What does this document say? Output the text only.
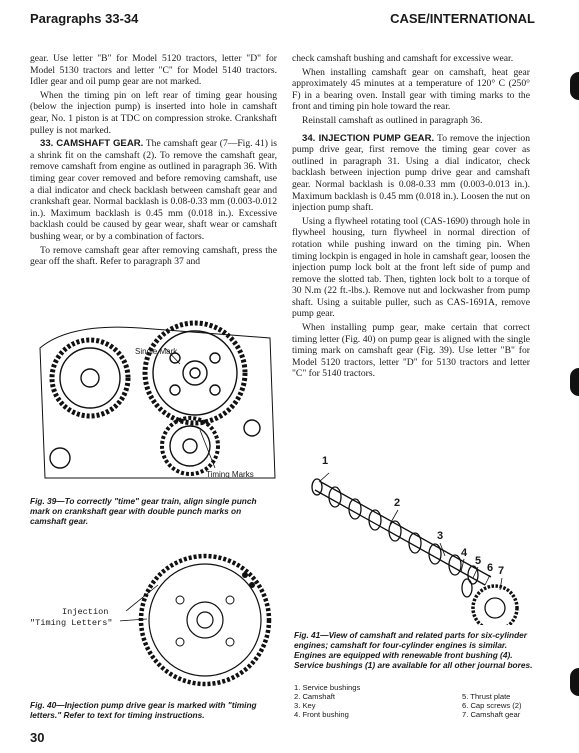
Paragraphs 33-34	CASE/INTERNATIONAL

gear. Use letter "B" for Model 5120 tractors, letter "D" for Model 5130 tractors and letter "C" for Model 5140 tractors. Idler gear and oil pump gear are not marked.

When the timing pin on left rear of timing gear housing (below the injection pump) is inserted into hole in camshaft gear, No. 1 piston is at TDC on compression stroke. Crankshaft pulley is not marked.

33. CAMSHAFT GEAR. The camshaft gear (7—Fig. 41) is a shrink fit on the camshaft (2). To remove the camshaft gear, remove camshaft from engine as outlined in paragraph 36. With timing gear cover removed and before removing camshaft, use a dial indicator and check backlash between camshaft gear and crankshaft gear. Normal backlash is 0.08-0.33 mm (0.003-0.012 in.). Maximum backlash is 0.45 mm (0.018 in.). Excessive backlash could be caused by gear wear, shaft wear or camshaft bushing wear, or by a combination of factors.

To remove camshaft gear after removing camshaft, press the gear off the shaft. Refer to paragraph 37 and

check camshaft bushing and camshaft for excessive wear.

When installing camshaft gear on camshaft, heat gear approximately 45 minutes at a temperature of 120° C (250° F) in a bearing oven. Install gear with timing marks to the front and timing pin hole toward the rear.

Reinstall camshaft as outlined in paragraph 36.

34. INJECTION PUMP GEAR. To remove the injection pump drive gear, first remove the timing gear cover as outlined in paragraph 31. Using a dial indicator, check backlash between injection pump drive gear and camshaft gear. Normal backlash is 0.08-0.33 mm (0.003-0.013 in.). Maximum backlash is 0.45 mm (0.018 in.). Loosen the nut on injection pump shaft.

Using a flywheel rotating tool (CAS-1690) through hole in flywheel housing, turn flywheel in normal direction of rotation while pushing inward on the timing pin. When timing lockpin is engaged in hole in camshaft gear, loosen the injection pump lock bolt at the front left side of pump and remove the slotted tab. Then, tighten lock bolt to a torque of 30 N.m (22 ft.-lbs.). Remove nut and lockwasher from pump shaft. Using a suitable puller, such as CAS-1691A, remove pump gear.

When installing pump gear, make certain that correct timing letter (Fig. 40) on pump gear is aligned with the single timing mark on camshaft gear (Fig. 39). Use letter "B" for Model 5120 tractors, letter "D" for 5130 tractors and letter "C" for 5140 tractors.

Single Mark
Timing Marks
Fig. 39—To correctly "time" gear train, align single punch mark on crankshaft gear with double punch marks on camshaft gear.
Injection
"Timing Letters"
Fig. 40—Injection pump drive gear is marked with "timing letters." Refer to text for timing instructions.
1
2
3
4
5
6 7
Fig. 41—View of camshaft and related parts for six-cylinder engines; camshaft for four-cylinder engines is similar. Engines are equipped with renewable front bushing (4). Service bushings (1) are available for all other journal bores.
1. Service bushings
2. Camshaft
3. Key
4. Front bushing
5. Thrust plate
6. Cap screws (2)
7. Camshaft gear
30
